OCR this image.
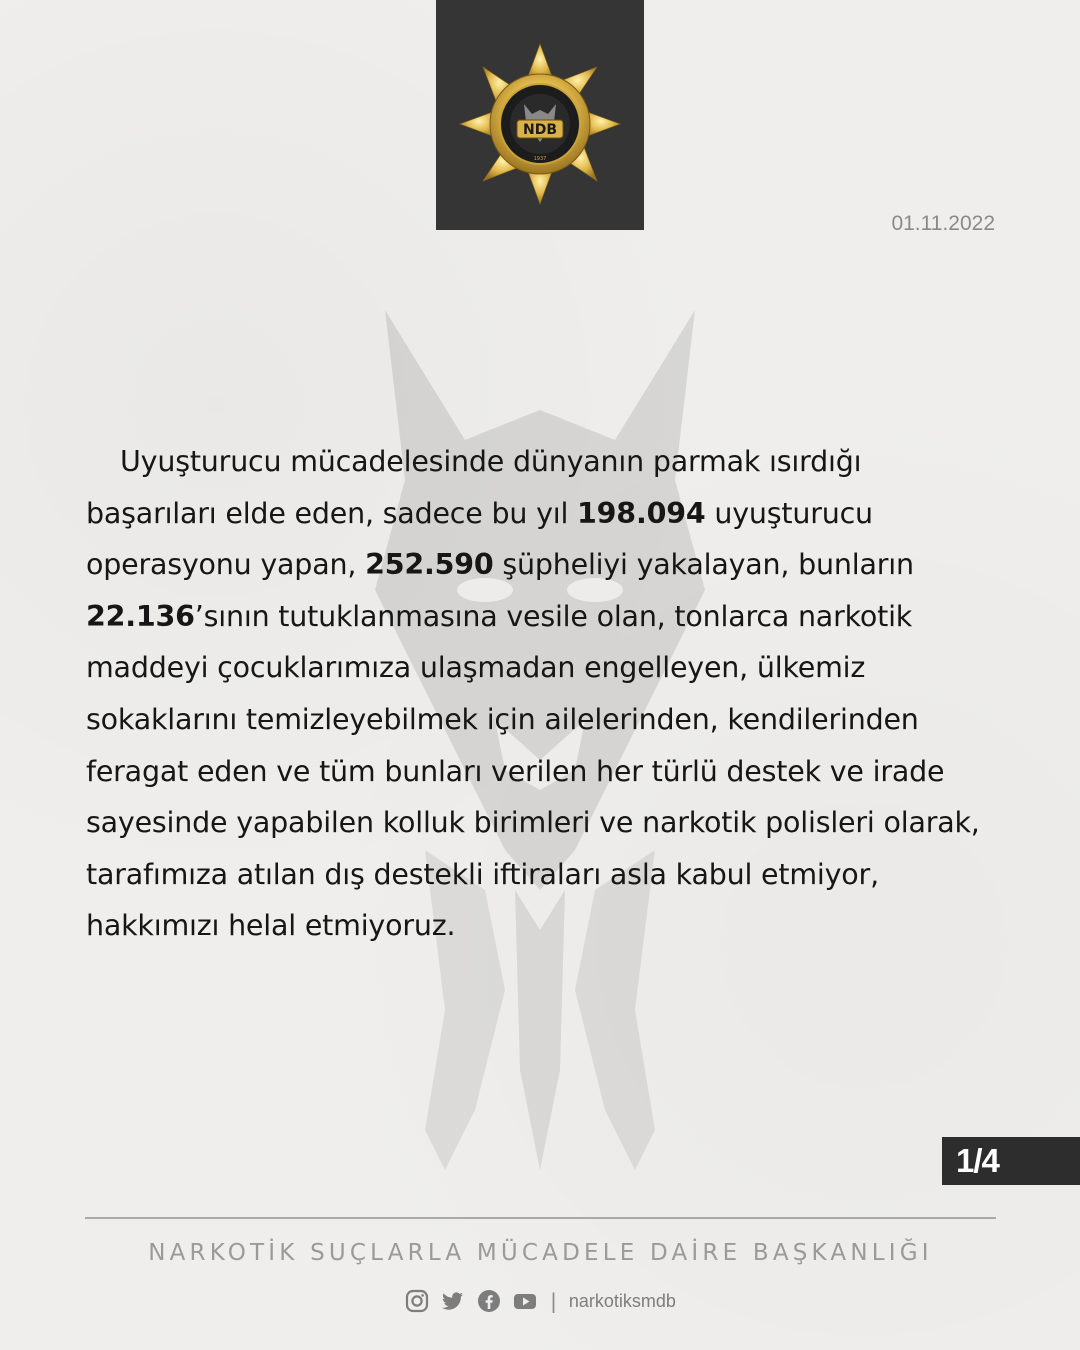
NDB
1937
01.11.2022
Uyuşturucu mücadelesinde dünyanın parmak ısırdığı başarıları elde eden, sadece bu yıl 198.094 uyuşturucu operasyonu yapan, 252.590 şüpheliyi yakalayan, bunların 22.136’sının tutuklanmasına vesile olan, tonlarca narkotik maddeyi çocuklarımıza ulaşmadan engelleyen, ülkemiz sokaklarını temizleyebilmek için ailelerinden, kendilerinden feragat eden ve tüm bunları verilen her türlü destek ve irade sayesinde yapabilen kolluk birimleri ve narkotik polisleri olarak, tarafımıza atılan dış destekli iftiraları asla kabul etmiyor, hakkımızı helal etmiyoruz.
1/4
NARKOTİK SUÇLARLA MÜCADELE DAİRE BAŞKANLIĞI
| narkotiksmdb
